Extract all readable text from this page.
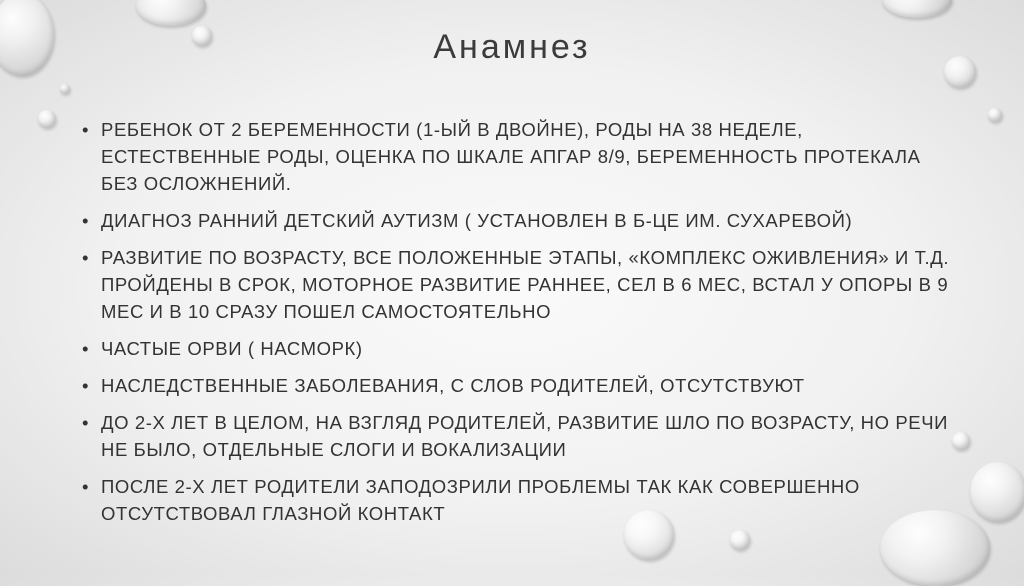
Анамнез
• РЕБЕНОК ОТ 2 БЕРЕМЕННОСТИ (1-ЫЙ В ДВОЙНЕ), РОДЫ НА 38 НЕДЕЛЕ, ЕСТЕСТВЕННЫЕ РОДЫ, ОЦЕНКА ПО ШКАЛЕ АПГАР 8/9, БЕРЕМЕННОСТЬ ПРОТЕКАЛА БЕЗ ОСЛОЖНЕНИЙ.
• ДИАГНОЗ РАННИЙ ДЕТСКИЙ АУТИЗМ ( УСТАНОВЛЕН В Б-ЦЕ ИМ. СУХАРЕВОЙ)
• РАЗВИТИЕ ПО ВОЗРАСТУ, ВСЕ ПОЛОЖЕННЫЕ ЭТАПЫ, «КОМПЛЕКС ОЖИВЛЕНИЯ» И Т.Д. ПРОЙДЕНЫ В СРОК, МОТОРНОЕ РАЗВИТИЕ РАННЕЕ, СЕЛ В 6 МЕС, ВСТАЛ У ОПОРЫ В 9 МЕС И В 10 СРАЗУ ПОШЕЛ САМОСТОЯТЕЛЬНО
• ЧАСТЫЕ ОРВИ ( НАСМОРК)
• НАСЛЕДСТВЕННЫЕ ЗАБОЛЕВАНИЯ, С СЛОВ РОДИТЕЛЕЙ, ОТСУТСТВУЮТ
• ДО 2-Х ЛЕТ В ЦЕЛОМ, НА ВЗГЛЯД РОДИТЕЛЕЙ, РАЗВИТИЕ ШЛО ПО ВОЗРАСТУ, НО РЕЧИ НЕ БЫЛО, ОТДЕЛЬНЫЕ СЛОГИ И ВОКАЛИЗАЦИИ
• ПОСЛЕ 2-Х ЛЕТ РОДИТЕЛИ ЗАПОДОЗРИЛИ ПРОБЛЕМЫ ТАК КАК СОВЕРШЕННО ОТСУТСТВОВАЛ ГЛАЗНОЙ КОНТАКТ
